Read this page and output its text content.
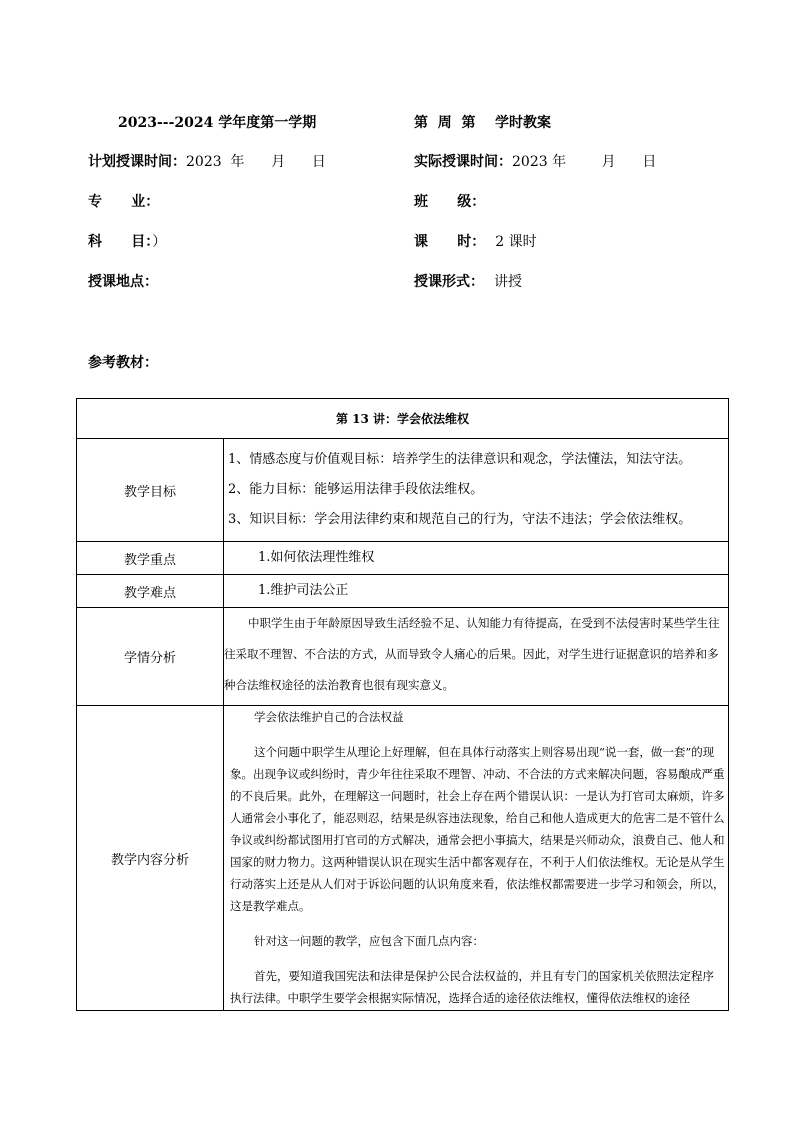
2023---2024 学年度第一学期	第  周  第    学时教案
计划授课时间：2023  年      月      日	实际授课时间：2023 年        月      日
专      业：	班      级：
科      目：）	课      时： 2 课时
授课地点：	授课形式： 讲授
参考教材：
第 13 讲：学会依法维权	
教学目标	1、情感态度与价值观目标：培养学生的法律意识和观念，学法懂法，知法守法。

2、能力目标：能够运用法律手段依法维权。

3、知识目标：学会用法律约束和规范自己的行为，守法不违法；学会依法维权。

教学重点	1.如何依法理性维权
教学难点	1.维护司法公正
学情分析	中职学生由于年龄原因导致生活经验不足、认知能力有待提高，在受到不法侵害时某些学生往往采取不理智、不合法的方式，从而导致令人痛心的后果。因此，对学生进行证据意识的培养和多种合法维权途径的法治教育也很有现实意义。
教学内容分析	学会依法维护自己的合法权益

这个问题中职学生从理论上好理解，但在具体行动落实上则容易出现“说一套，做一套”的现象。出现争议或纠纷时，青少年往往采取不理智、冲动、不合法的方式来解决问题，容易酿成严重的不良后果。此外，在理解这一问题时，社会上存在两个错误认识：一是认为打官司太麻烦，许多人通常会小事化了，能忍则忍，结果是纵容违法现象，给自己和他人造成更大的危害二是不管什么争议或纠纷都试图用打官司的方式解决，通常会把小事搞大，结果是兴师动众，浪费自己、他人和国家的财力物力。这两种错误认识在现实生活中都客观存在，不利于人们依法维权。无论是从学生行动落实上还是从人们对于诉讼问题的认识角度来看，依法维权都需要进一步学习和领会，所以，这是教学难点。

针对这一问题的教学，应包含下面几点内容：

首先，要知道我国宪法和法律是保护公民合法权益的，并且有专门的国家机关依照法定程序执行法律。中职学生要学会根据实际情况，选择合适的途径依法维权，懂得依法维权的途径
